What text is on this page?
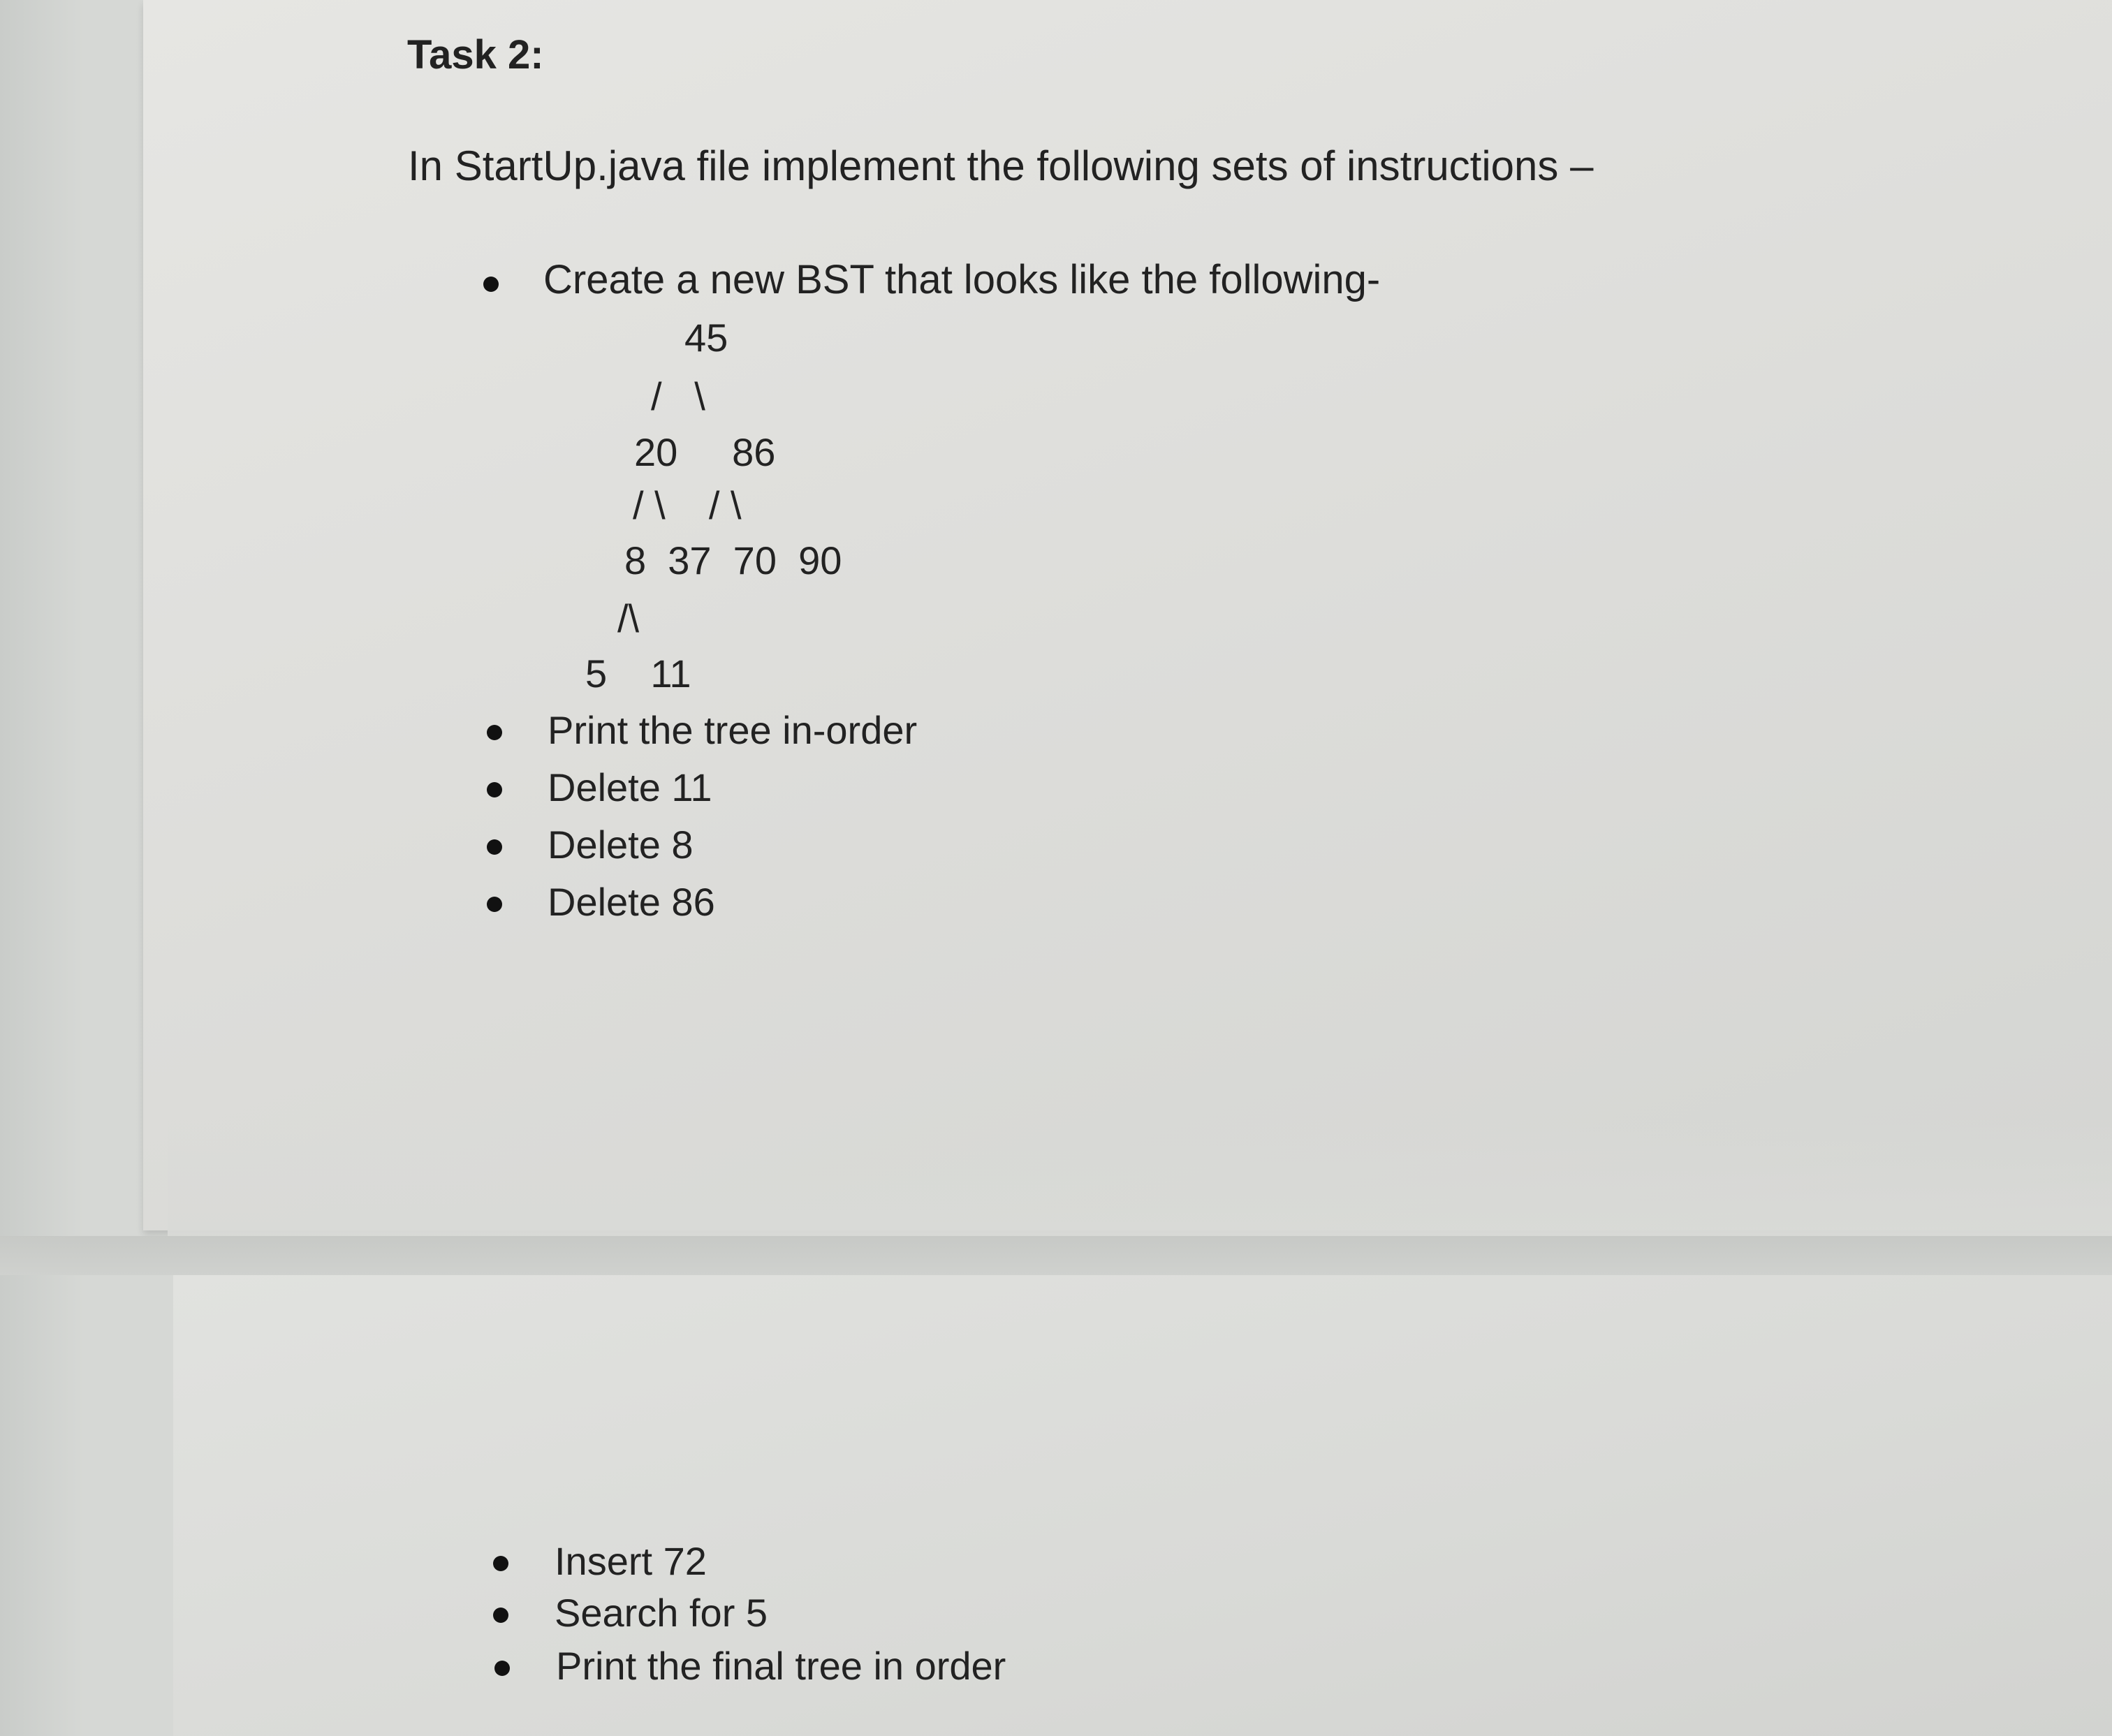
Task 2:
In StartUp.java file implement the following sets of instructions –
Create a new BST that looks like the following-
45
/   \
20     86
/ \    / \
8  37  70  90
/\
5    11
Print the tree in-order
Delete 11
Delete 8
Delete 86
Insert 72
Search for 5
Print the final tree in order
